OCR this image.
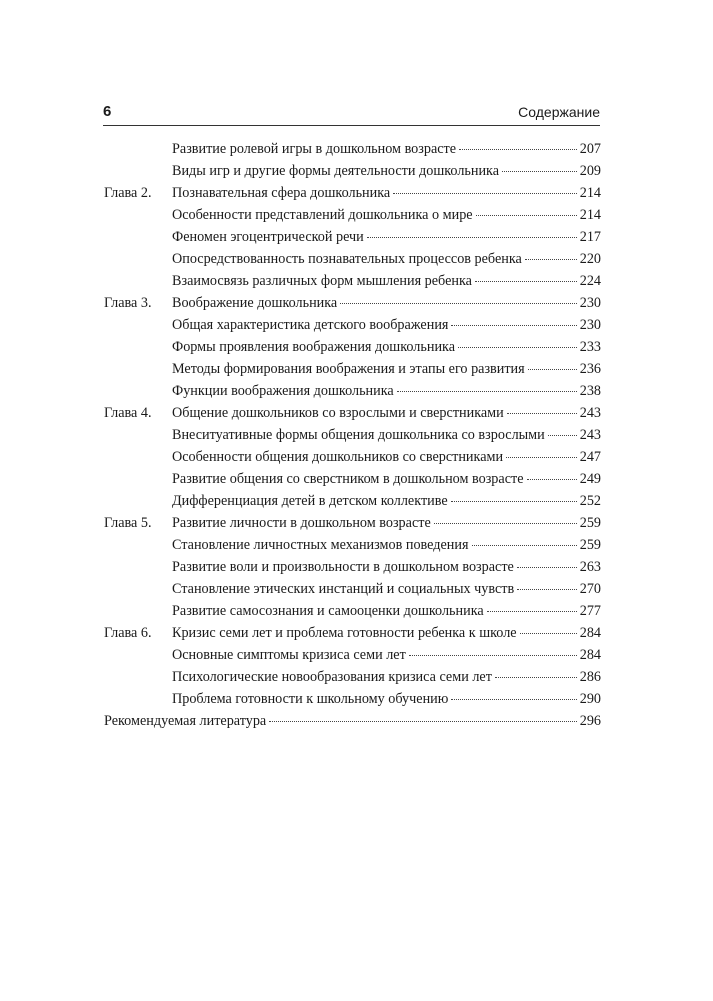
6	Содержание
Развитие ролевой игры в дошкольном возрасте	207
Виды игр и другие формы деятельности дошкольника	209
Глава 2. Познавательная сфера дошкольника	214
Особенности представлений дошкольника о мире	214
Феномен эгоцентрической речи	217
Опосредствованность познавательных процессов ребенка	220
Взаимосвязь различных форм мышления ребенка	224
Глава 3. Воображение дошкольника	230
Общая характеристика детского воображения	230
Формы проявления воображения дошкольника	233
Методы формирования воображения и этапы его развития	236
Функции воображения дошкольника	238
Глава 4. Общение дошкольников со взрослыми и сверстниками	243
Внеситуативные формы общения дошкольника со взрослыми 243
Особенности общения дошкольников со сверстниками	247
Развитие общения со сверстником в дошкольном возрасте	249
Дифференциация детей в детском коллективе	252
Глава 5. Развитие личности в дошкольном возрасте	259
Становление личностных механизмов поведения	259
Развитие воли и произвольности в дошкольном возрасте	263
Становление этических инстанций и социальных чувств	270
Развитие самосознания и самооценки дошкольника	277
Глава 6. Кризис семи лет и проблема готовности ребенка к школе	284
Основные симптомы кризиса семи лет	284
Психологические новообразования кризиса семи лет	286
Проблема готовности к школьному обучению	290
Рекомендуемая литература	296
